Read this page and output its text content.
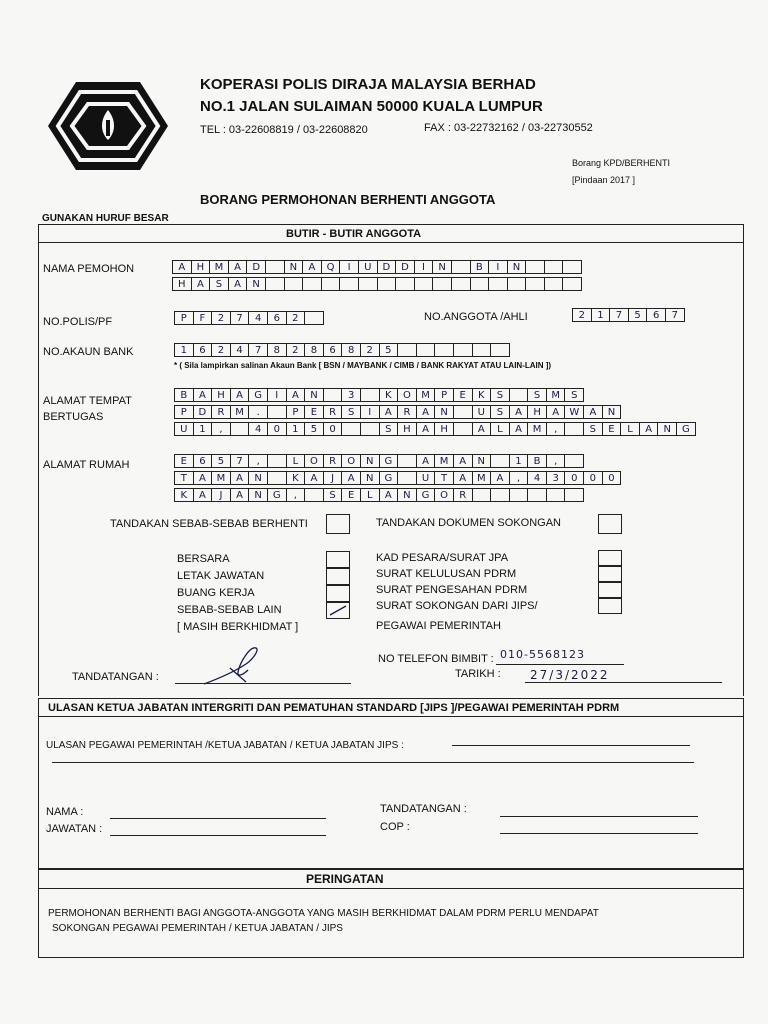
KOPERASI POLIS DIRAJA MALAYSIA BERHAD
NO.1 JALAN SULAIMAN 50000 KUALA LUMPUR
TEL : 03-22608819 / 03-22608820	FAX : 03-22732162 / 03-22730552
Borang KPD/BERHENTI
[Pindaan 2017 ]
BORANG PERMOHONAN BERHENTI ANGGOTA
GUNAKAN HURUF BESAR
BUTIR - BUTIR ANGGOTA
NAMA PEMOHON	A	H	M	A	D	N	A	Q	I	U	D	D	I	N	B	I	N
H	A	S	A	N
NO.POLIS/PF	P	F	2	7	4	6	2	NO.ANGGOTA /AHLI	2	1	7	5	6	7
NO.AKAUN BANK	1	6	2	4	7	8	2	8	6	8	2	5
* ( Sila lampirkan salinan Akaun Bank [ BSN / MAYBANK / CIMB / BANK RAKYAT ATAU LAIN-LAIN ])
ALAMAT TEMPAT
BERTUGAS
B	A	H	A	G	I	A	N	3	K	O	M	P	E	K	S	S	M	S
P	D	R	M	.	P	E	R	S	I	A	R	A	N	U	S	A	H	A	W	A	N
U	1	,	4	0	1	5	0	S	H	A	H	A	L	A	M	,	S	E	L	A	N	G
ALAMAT RUMAH	E	6	5	7	,	L	O	R	O	N	G	A	M	A	N	1	B	,
T	A	M	A	N	K	A	J	A	N	G	U	T	A	M	A	,	4	3	0	0	0
K	A	J	A	N	G	,	S	E	L	A	N	G	O	R
TANDAKAN SEBAB-SEBAB BERHENTI
BERSARA
LETAK JAWATAN
BUANG KERJA
SEBAB-SEBAB LAIN
[ MASIH BERKHIDMAT ]
TANDAKAN DOKUMEN SOKONGAN
KAD PESARA/SURAT JPA
SURAT KELULUSAN PDRM
SURAT PENGESAHAN PDRM
SURAT SOKONGAN DARI JIPS/
PEGAWAI PEMERINTAH
TANDATANGAN :
NO TELEFON BIMBIT : 010-5568123
TARIKH : 27/3/2022
ULASAN KETUA JABATAN INTERGRITI DAN PEMATUHAN STANDARD [JIPS ]/PEGAWAI PEMERINTAH PDRM
ULASAN PEGAWAI PEMERINTAH /KETUA JABATAN / KETUA JABATAN JIPS :
NAMA :
JAWATAN :
TANDATANGAN :
COP :
PERINGATAN
PERMOHONAN BERHENTI BAGI ANGGOTA-ANGGOTA YANG MASIH BERKHIDMAT DALAM PDRM PERLU MENDAPAT
SOKONGAN PEGAWAI PEMERINTAH / KETUA JABATAN / JIPS
